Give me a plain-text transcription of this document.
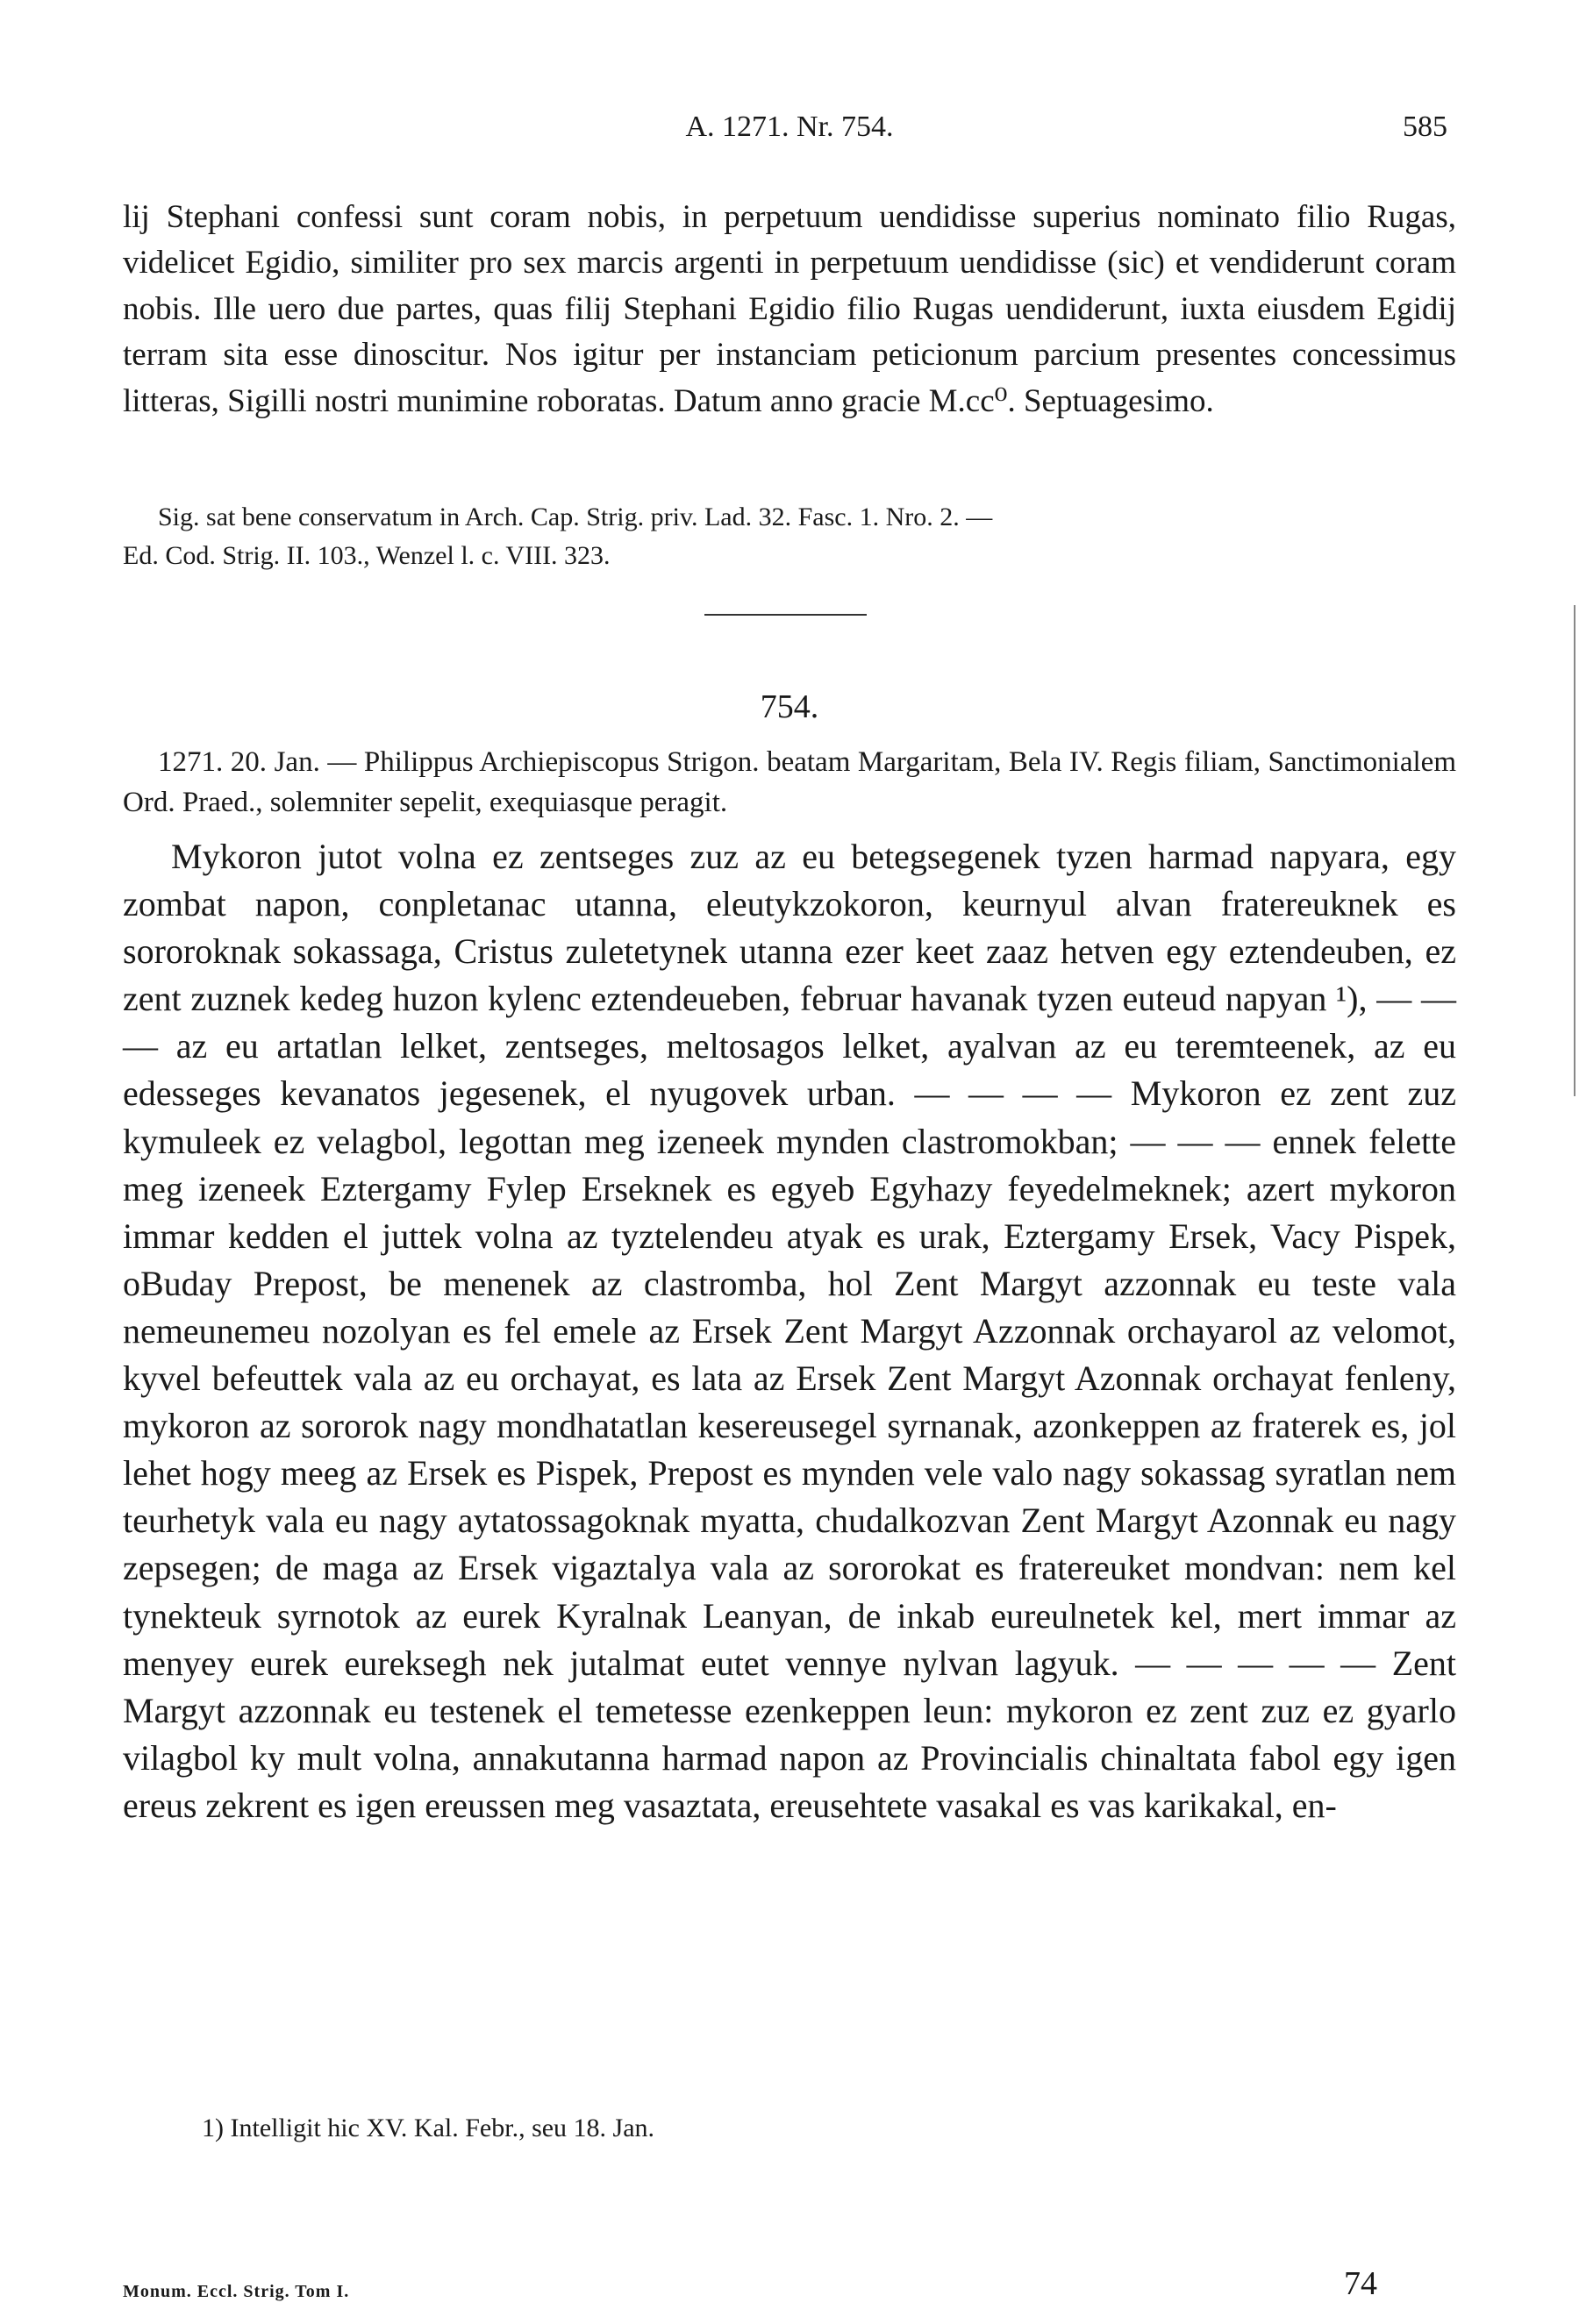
A. 1271. Nr. 754.	585

lij Stephani confessi sunt coram nobis, in perpetuum uendidisse superius nominato filio Rugas, videlicet Egidio, similiter pro sex marcis argenti in perpetuum uendidisse (sic) et vendiderunt coram nobis. Ille uero due partes, quas filij Stephani Egidio filio Rugas uendiderunt, iuxta eiusdem Egidij terram sita esse dinoscitur. Nos igitur per instanciam peticionum parcium presentes concessimus litteras, Sigilli nostri munimine roboratas. Datum anno gracie M.cc⁰. Septuagesimo.

Sig. sat bene conservatum in Arch. Cap. Strig. priv. Lad. 32. Fasc. 1. Nro. 2. —
Ed. Cod. Strig. II. 103., Wenzel l. c. VIII. 323.
754.

1271. 20. Jan. — Philippus Archiepiscopus Strigon. beatam Margaritam, Bela IV. Regis filiam, Sanctimonialem Ord. Praed., solemniter sepelit, exequiasque peragit.

Mykoron jutot volna ez zentseges zuz az eu betegsegenek tyzen harmad napyara, egy zombat napon, conpletanac utanna, eleutykzokoron, keurnyul alvan fratereuknek es sororoknak sokassaga, Cristus zuletetynek utanna ezer keet zaaz hetven egy eztendeuben, ez zent zuznek kedeg huzon kylenc eztendeueben, februar havanak tyzen euteud napyan ¹), — — — az eu artatlan lelket, zentseges, meltosagos lelket, ayalvan az eu teremteenek, az eu edesseges kevanatos jegesenek, el nyugovek urban. — — — — Mykoron ez zent zuz kymuleek ez velagbol, legottan meg izeneek mynden clastromokban; — — — ennek felette meg izeneek Eztergamy Fylep Erseknek es egyeb Egyhazy feyedelmeknek; azert mykoron immar kedden el juttek volna az tyztelendeu atyak es urak, Eztergamy Ersek, Vacy Pispek, oBuday Prepost, be menenek az clastromba, hol Zent Margyt azzonnak eu teste vala nemeunemeu nozolyan es fel emele az Ersek Zent Margyt Azzonnak orchayarol az velomot, kyvel befeuttek vala az eu orchayat, es lata az Ersek Zent Margyt Azonnak orchayat fenleny, mykoron az sororok nagy mondhatatlan kesereusegel syrnanak, azonkeppen az fraterek es, jol lehet hogy meeg az Ersek es Pispek, Prepost es mynden vele valo nagy sokassag syratlan nem teurhetyk vala eu nagy aytatossagoknak myatta, chudalkozvan Zent Margyt Azonnak eu nagy zepsegen; de maga az Ersek vigaztalya vala az sororokat es fratereuket mondvan: nem kel tynekteuk syrnotok az eurek Kyralnak Leanyan, de inkab eureulnetek kel, mert immar az menyey eurek eureksegh nek jutalmat eutet vennye nylvan lagyuk. — — — — — Zent Margyt azzonnak eu testenek el temetesse ezenkeppen leun: mykoron ez zent zuz ez gyarlo vilagbol ky mult volna, annakutanna harmad napon az Provincialis chinaltata fabol egy igen ereus zekrent es igen ereussen meg vasaztata, ereusehtete vasakal es vas karikakal, en-

1) Intelligit hic XV. Kal. Febr., seu 18. Jan.
Monum. Eccl. Strig. Tom I.	74
